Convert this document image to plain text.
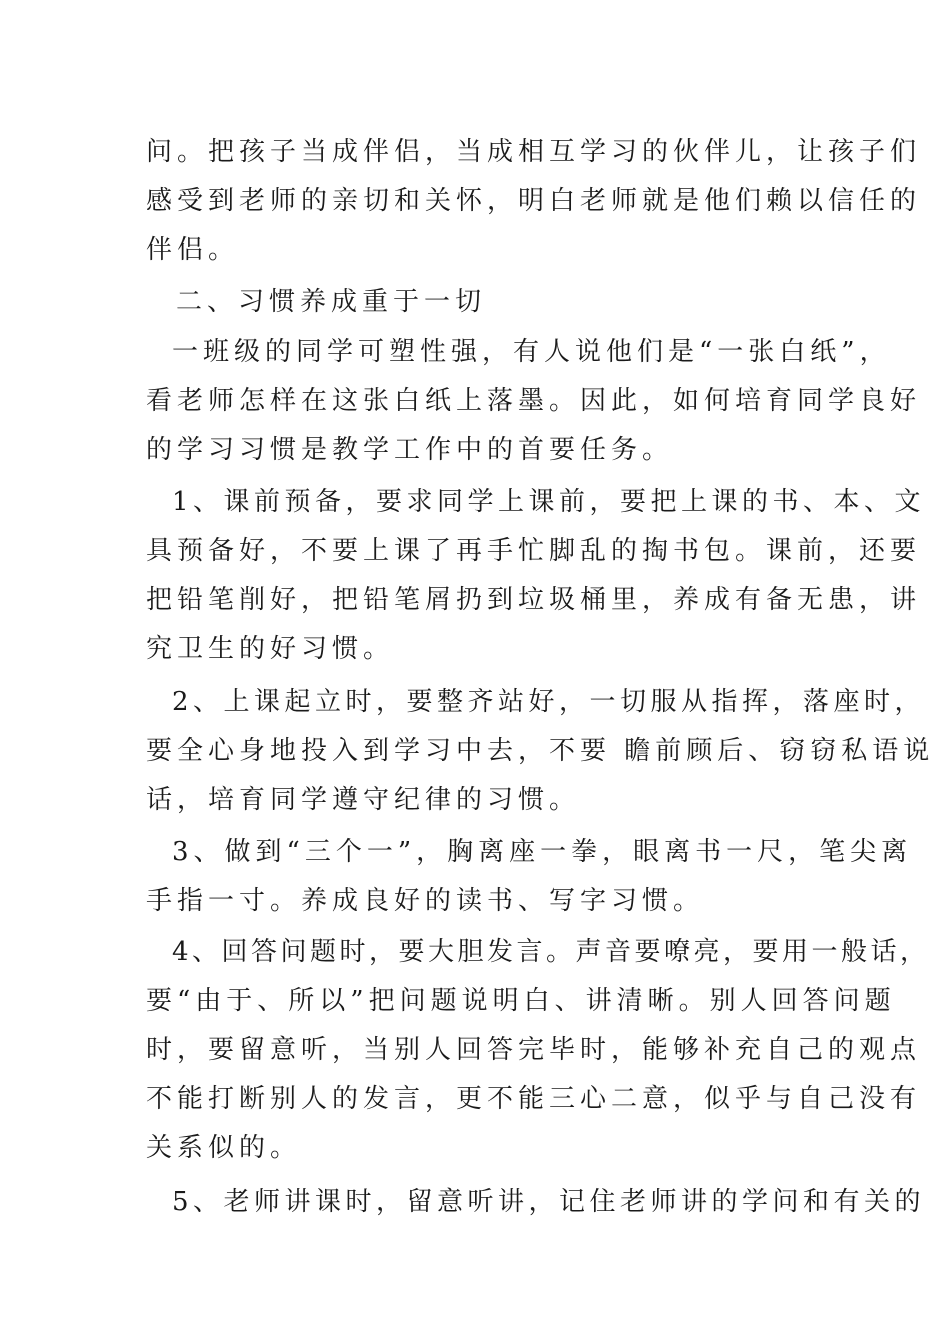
问。把孩子当成伴侣，当成相互学习的伙伴儿，让孩子们
感受到老师的亲切和关怀，明白老师就是他们赖以信任的
伴侣。
二、习惯养成重于一切
一班级的同学可塑性强，有人说他们是“一张白纸”，
看老师怎样在这张白纸上落墨。因此，如何培育同学良好
的学习习惯是教学工作中的首要任务。
1、课前预备，要求同学上课前，要把上课的书、本、文
具预备好，不要上课了再手忙脚乱的掏书包。课前，还要
把铅笔削好，把铅笔屑扔到垃圾桶里，养成有备无患，讲
究卫生的好习惯。
2、上课起立时，要整齐站好，一切服从指挥，落座时，
要全心身地投入到学习中去，不要 瞻前顾后、窃窃私语说
话，培育同学遵守纪律的习惯。
3、做到“三个一”，胸离座一拳，眼离书一尺，笔尖离
手指一寸。养成良好的读书、写字习惯。
4、回答问题时，要大胆发言。声音要嘹亮，要用一般话，
要“由于、所以”把问题说明白、讲清晰。别人回答问题
时，要留意听，当别人回答完毕时，能够补充自己的观点
不能打断别人的发言，更不能三心二意，似乎与自己没有
关系似的。
5、老师讲课时，留意听讲，记住老师讲的学问和有关的
